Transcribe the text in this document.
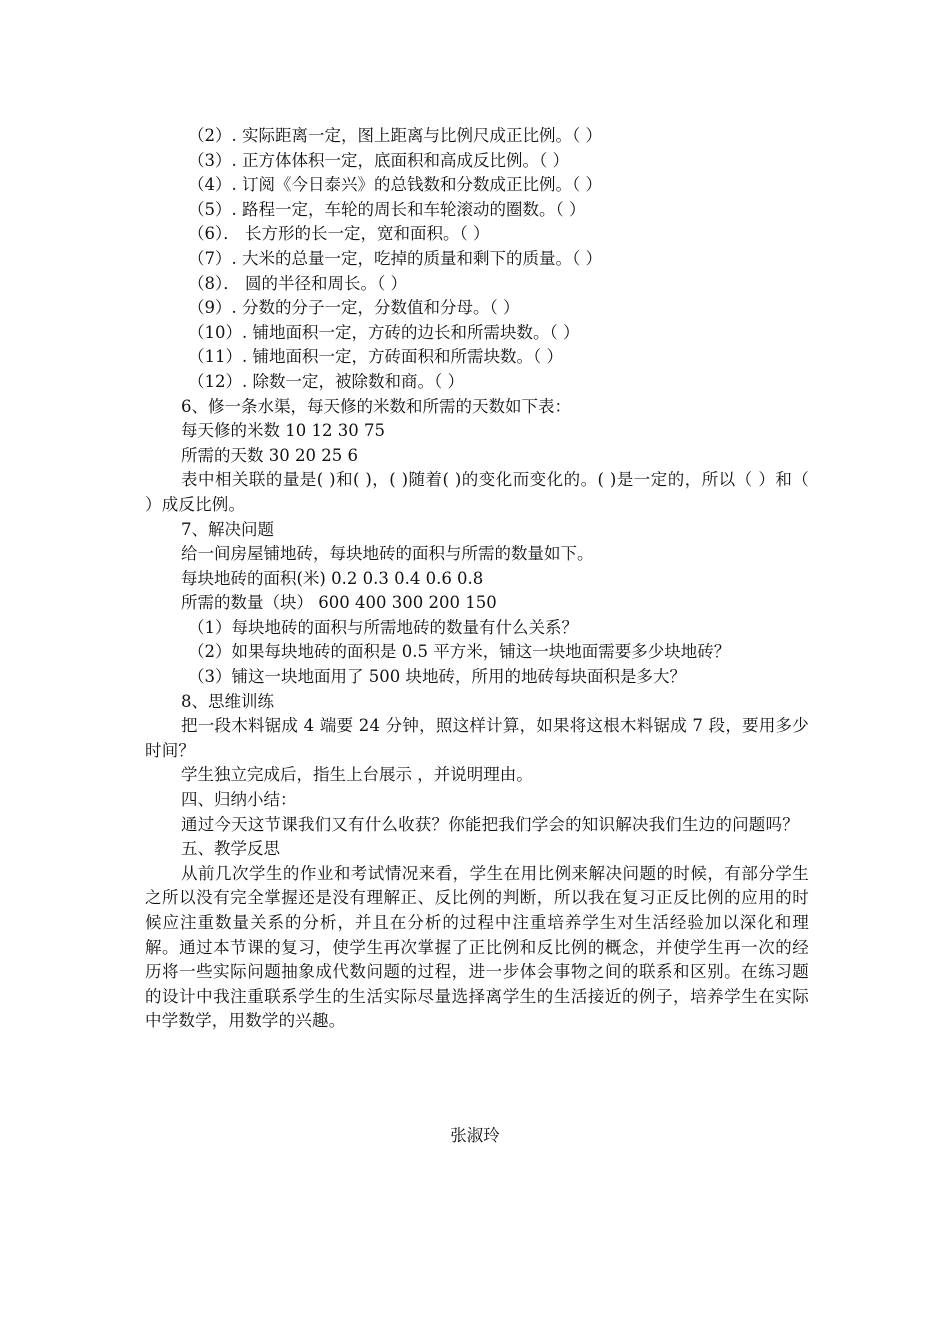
（2）. 实际距离一定，图上距离与比例尺成正比例。（ ）
（3）. 正方体体积一定，底面积和高成反比例。（ ）
（4）. 订阅《今日泰兴》的总钱数和分数成正比例。（ ）
（5）. 路程一定，车轮的周长和车轮滚动的圈数。（ ）
（6）． 长方形的长一定，宽和面积。（ ）
（7）. 大米的总量一定，吃掉的质量和剩下的质量。（ ）
（8）． 圆的半径和周长。（ ）
（9）. 分数的分子一定，分数值和分母。（ ）
（10）. 铺地面积一定，方砖的边长和所需块数。（ ）
（11）. 铺地面积一定，方砖面积和所需块数。（ ）
（12）. 除数一定，被除数和商。（ ）
6、修一条水渠，每天修的米数和所需的天数如下表：
每天修的米数 10 12 30 75
所需的天数 30 20 25 6
表中相关联的量是( )和( )，( )随着( )的变化而变化的。( )是一定的，所以（ ）和（ ）成反比例。
7、解决问题
给一间房屋铺地砖，每块地砖的面积与所需的数量如下。
每块地砖的面积(米) 0.2 0.3 0.4 0.6 0.8
所需的数量（块） 600 400 300 200 150
（1）每块地砖的面积与所需地砖的数量有什么关系？
（2）如果每块地砖的面积是 0.5 平方米，铺这一块地面需要多少块地砖？
（3）铺这一块地面用了 500 块地砖，所用的地砖每块面积是多大？
8、思维训练
把一段木料锯成 4 端要 24 分钟，照这样计算，如果将这根木料锯成 7 段，要用多少时间？
学生独立完成后，指生上台展示 ，并说明理由。
四、归纳小结：
通过今天这节课我们又有什么收获？你能把我们学会的知识解决我们生边的问题吗？
五、教学反思
从前几次学生的作业和考试情况来看，学生在用比例来解决问题的时候，有部分学生之所以没有完全掌握还是没有理解正、反比例的判断，所以我在复习正反比例的应用的时候应注重数量关系的分析，并且在分析的过程中注重培养学生对生活经验加以深化和理解。通过本节课的复习，使学生再次掌握了正比例和反比例的概念，并使学生再一次的经历将一些实际问题抽象成代数问题的过程，进一步体会事物之间的联系和区别。在练习题的设计中我注重联系学生的生活实际尽量选择离学生的生活接近的例子，培养学生在实际中学数学，用数学的兴趣。
张淑玲
